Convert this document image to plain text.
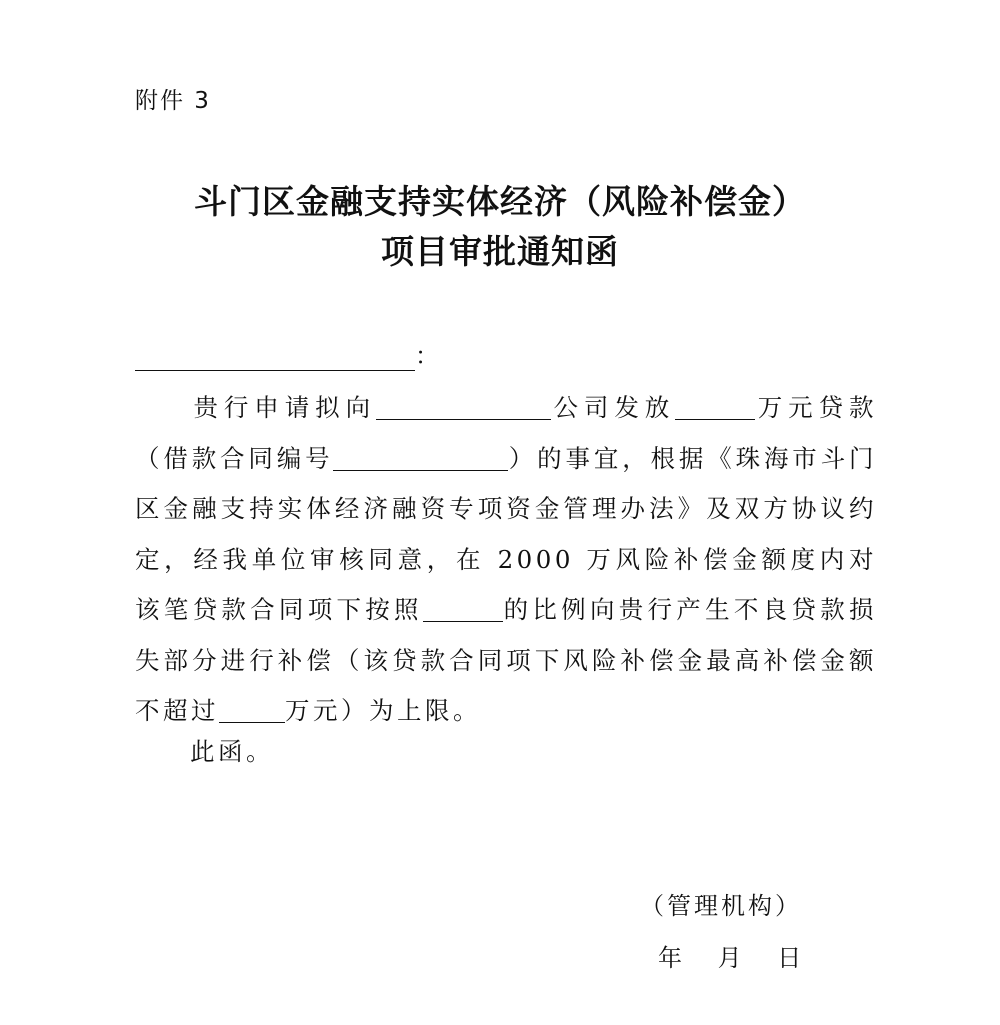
附件 3
斗门区金融支持实体经济（风险补偿金）
项目审批通知函
：
贵行申请拟向	公司发放	万元贷款（借款合同编号	）的事宜，根据《珠海市斗门区金融支持实体经济融资专项资金管理办法》及双方协议约定，经我单位审核同意，在 2000 万风险补偿金额度内对该笔贷款合同项下按照	的比例向贵行产生不良贷款损失部分进行补偿（该贷款合同项下风险补偿金最高补偿金额不超过	万元）为上限。
此函。
（管理机构）
年 月 日
